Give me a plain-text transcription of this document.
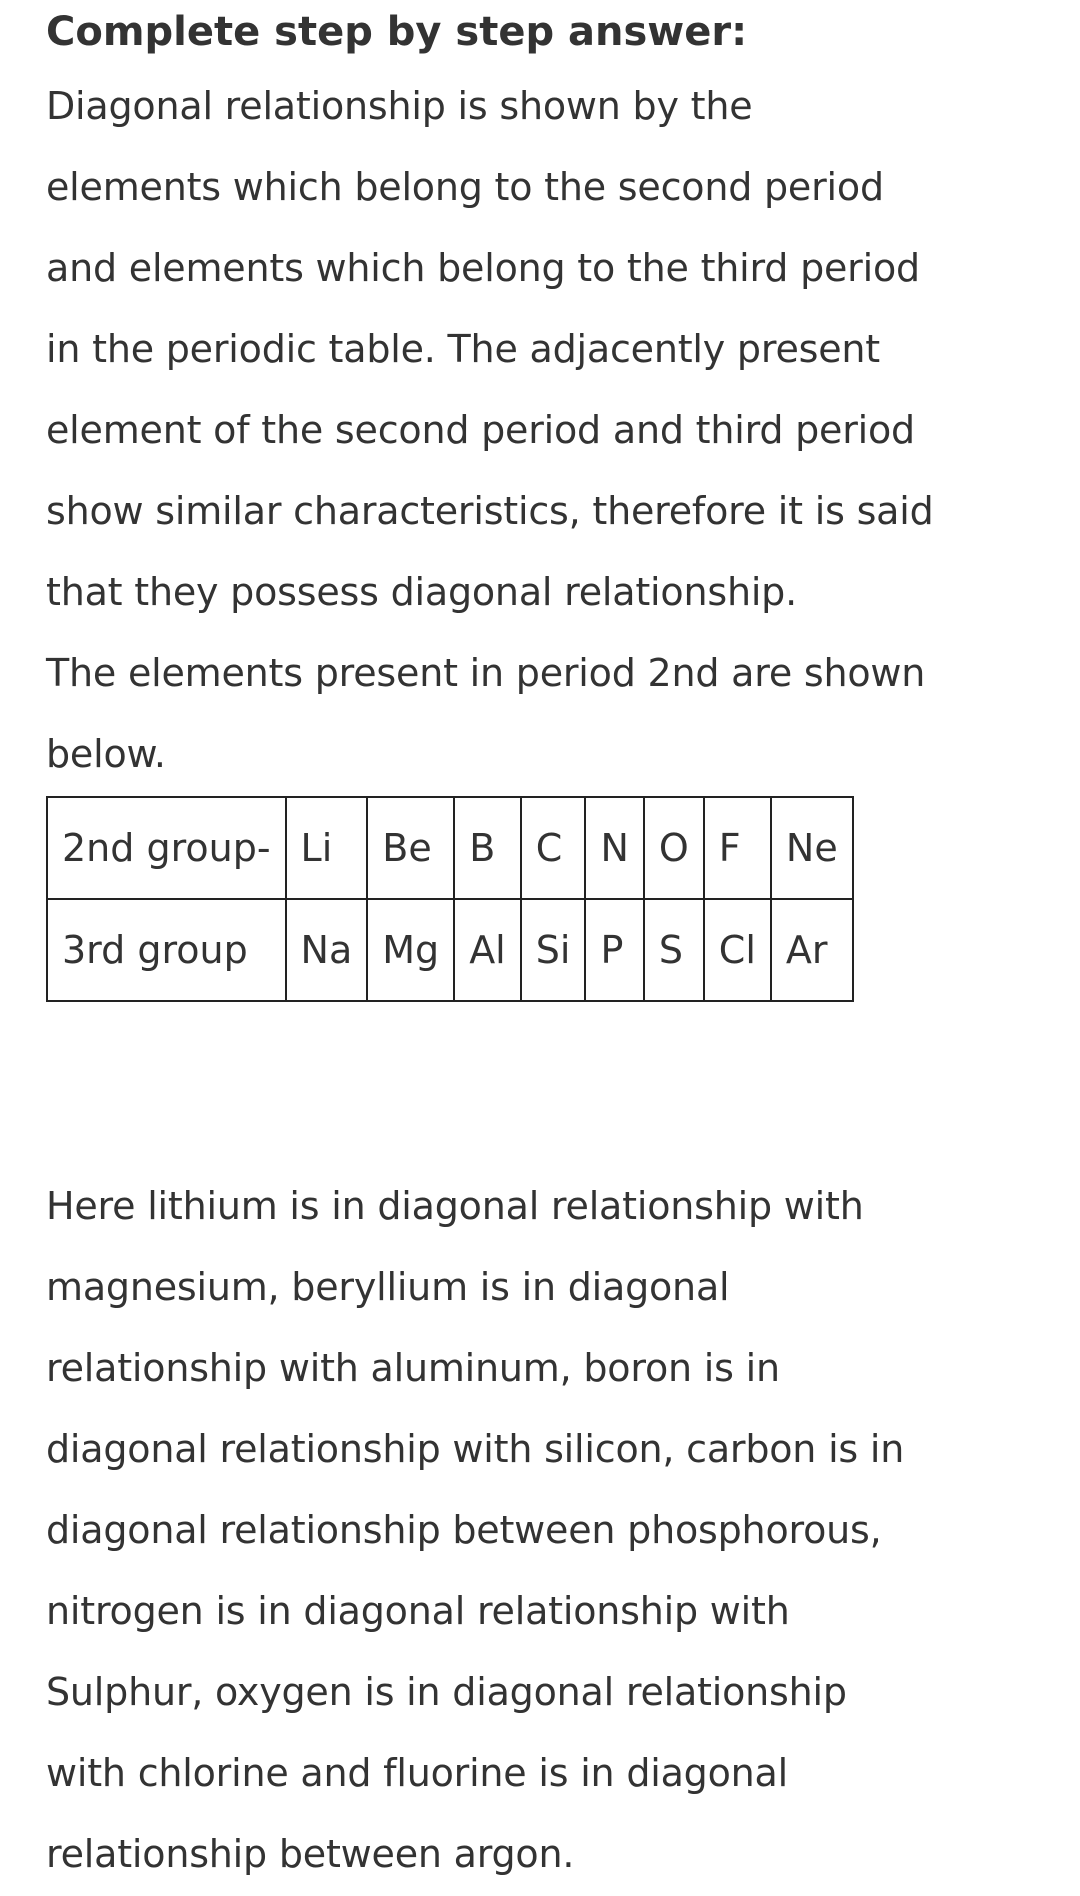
Complete step by step answer:

Diagonal relationship is shown by the
elements which belong to the second period
and elements which belong to the third period
in the periodic table. The adjacently present
element of the second period and third period
show similar characteristics, therefore it is said
that they possess diagonal relationship.

The elements present in period 2nd are shown
below.

2nd group-	Li	Be	B	C	N	O	F	Ne
3rd group	Na	Mg	Al	Si	P	S	Cl	Ar

Here lithium is in diagonal relationship with
magnesium, beryllium is in diagonal
relationship with aluminum, boron is in
diagonal relationship with silicon, carbon is in
diagonal relationship between phosphorous,
nitrogen is in diagonal relationship with
Sulphur, oxygen is in diagonal relationship
with chlorine and fluorine is in diagonal
relationship between argon.
